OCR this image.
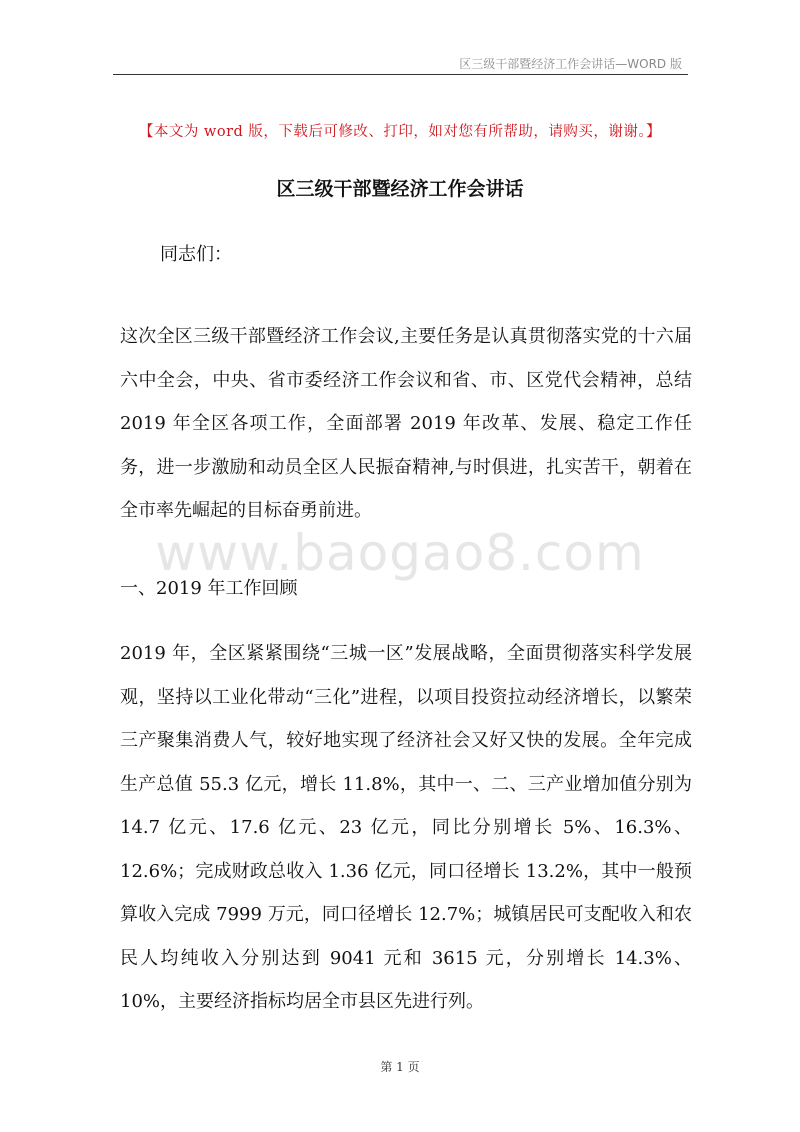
区三级干部暨经济工作会讲话—WORD 版
【本文为 word 版，下载后可修改、打印，如对您有所帮助，请购买，谢谢。】
区三级干部暨经济工作会讲话
同志们：

这次全区三级干部暨经济工作会议,主要任务是认真贯彻落实党的十六届六中全会，中央、省市委经济工作会议和省、市、区党代会精神，总结 2019 年全区各项工作，全面部署 2019 年改革、发展、稳定工作任务，进一步激励和动员全区人民振奋精神,与时俱进，扎实苦干，朝着在全市率先崛起的目标奋勇前进。

www.baogao8.com
一、2019 年工作回顾

2019 年，全区紧紧围绕“三城一区”发展战略，全面贯彻落实科学发展观，坚持以工业化带动“三化”进程，以项目投资拉动经济增长，以繁荣三产聚集消费人气，较好地实现了经济社会又好又快的发展。全年完成生产总值 55.3 亿元，增长 11.8%，其中一、二、三产业增加值分别为 14.7 亿元、17.6 亿元、23 亿元，同比分别增长 5%、16.3%、12.6%；完成财政总收入 1.36 亿元，同口径增长 13.2%，其中一般预算收入完成 7999 万元，同口径增长 12.7%；城镇居民可支配收入和农民人均纯收入分别达到 9041 元和 3615 元，分别增长 14.3%、10%，主要经济指标均居全市县区先进行列。

第 1 页
